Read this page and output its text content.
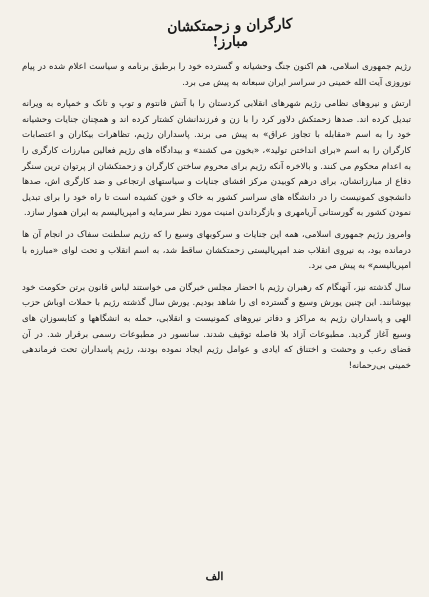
کارگران و زحمتکشان مبارز!

رژیم جمهوری اسلامی، هم اکنون جنگ وحشیانه و گسترده خود را برطبق برنامه و سیاست اعلام شده در پیام نوروزی آیت الله خمینی در سراسر ایران سبعانه به پیش می برد.

ارتش و نیروهای نظامی رژیم شهرهای انقلابی کردستان را با آتش فانتوم و توپ و تانک و خمپاره به ویرانه تبدیل کرده اند. صدها زحمتکش دلاور کرد را با زن و فرزندانشان کشتار کرده اند و همچنان جنایات وحشیانه خود را به اسم «مقابله با تجاوز عراق» به پیش می برند. پاسداران رژیم، تظاهرات بیکاران و اعتصابات کارگران را به اسم «برای انداختن تولید»، «بخون می کشند» و بیدادگاه های رژیم فعالین مبارزات کارگری را به اعدام محکوم می کنند. و بالاخره آنکه رژیم برای محروم ساختن کارگران و زحمتکشان از پرتوان ترین سنگر دفاع از مبارزاتشان، برای درهم کوبیدن مرکز افشای جنایات و سیاستهای ارتجاعی و ضد کارگری اش، صدها دانشجوی کمونیست را در دانشگاه های سراسر کشور به خاک و خون کشیده است تا راه خود را برای تبدیل نمودن کشور به گورستانی آریامهری و بازگرداندن امنیت مورد نظر سرمایه و امپریالیسم به ایران هموار سازد.

وامروز رژیم جمهوری اسلامی، همه این جنایات و سرکوبهای وسیع را که رژیم سلطنت سفاک در انجام آن ها درمانده بود، به نیروی انقلاب ضد امپریالیستی زحمتکشان ساقط شد، به اسم انقلاب و تحت لوای «مبارزه با امپریالیسم» به پیش می برد.

سال گذشته نیز، آنهنگام که رهبران رژیم با احضار مجلس خبرگان می خواستند لباس قانون برتن حکومت خود بپوشانند. این چنین یورش وسیع و گسترده ای را شاهد بودیم. یورش سال گذشته رژیم با حملات اوباش حزب الهی و پاسداران رژیم به مراکز و دفاتر نیروهای کمونیست و انقلابی، حمله به انشگاهها و کتابسوزان های وسیع آغاز گردید. مطبوعات آزاد بلا فاصله توقیف شدند. سانسور در مطبوعات رسمی برقرار شد. در آن فضای رعب و وحشت و اختناق که ایادی و عوامل رژیم ایجاد نموده بودند، رژیم پاسداران تحت فرماندهی خمینی بی‌رحمانه!

الف
